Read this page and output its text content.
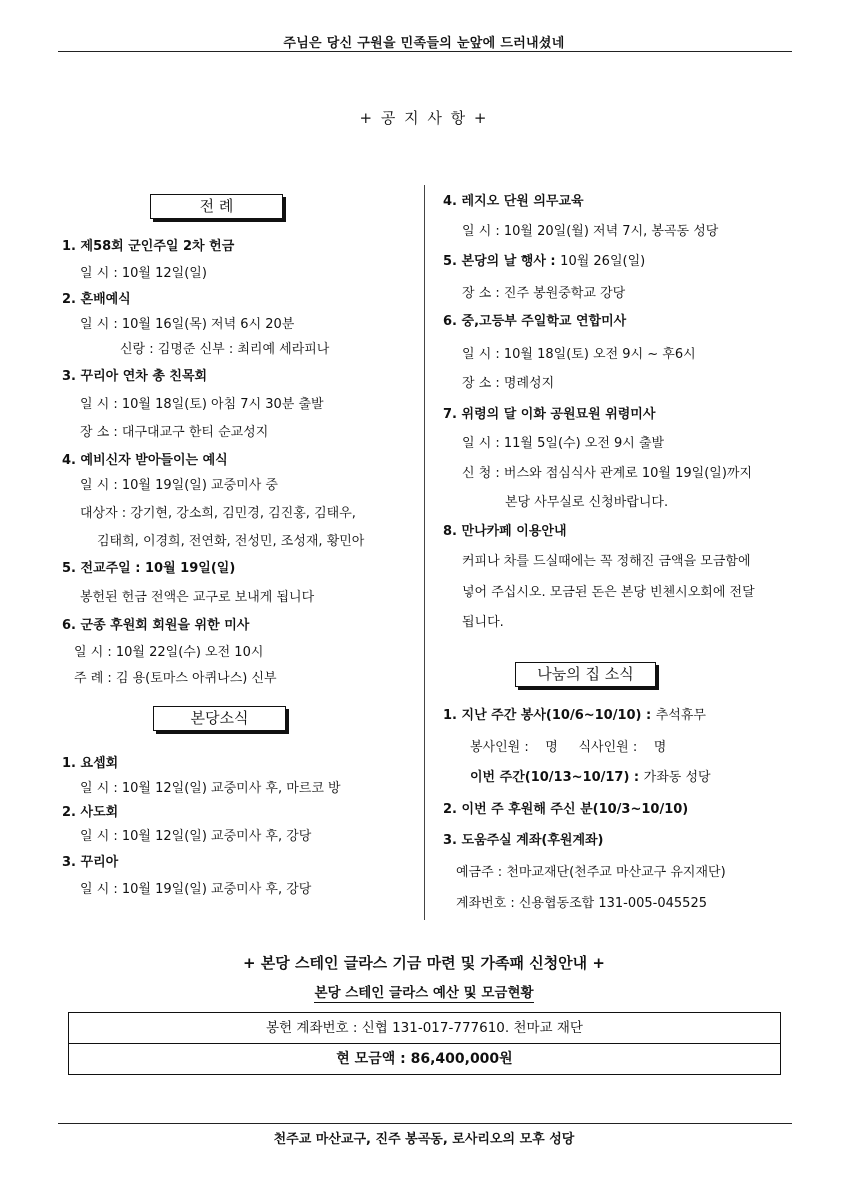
주님은 당신 구원을 민족들의 눈앞에 드러내셨네
+ 공 지 사 항 +
전 례
1. 제58회 군인주일 2차 헌금
일 시 : 10월 12일(일)
2. 혼배예식
일 시 : 10월 16일(목) 저녁 6시 20분
신랑 : 김명준 신부 : 최리예 세라피나
3. 꾸리아 연차 총 친목회
일 시 : 10월 18일(토) 아침 7시 30분 출발
장 소 : 대구대교구 한티 순교성지
4. 예비신자 받아들이는 예식
일 시 : 10월 19일(일) 교중미사 중
대상자 : 강기현, 강소희, 김민경, 김진홍, 김태우,
김태희, 이경희, 전연화, 전성민, 조성재, 황민아
5. 전교주일 : 10월 19일(일)
봉헌된 헌금 전액은 교구로 보내게 됩니다
6. 군종 후원회 회원을 위한 미사
일 시 : 10월 22일(수) 오전 10시
주 례 : 김 용(토마스 아퀴나스) 신부
본당소식
1. 요셉회
일 시 : 10월 12일(일) 교중미사 후, 마르코 방
2. 사도회
일 시 : 10월 12일(일) 교중미사 후, 강당
3. 꾸리아
일 시 : 10월 19일(일) 교중미사 후, 강당
4. 레지오 단원 의무교육
일 시 : 10월 20일(월) 저녁 7시, 봉곡동 성당
5. 본당의 날 행사 : 10월 26일(일)
장 소 : 진주 봉원중학교 강당
6. 중,고등부 주일학교 연합미사
일 시 : 10월 18일(토) 오전 9시 ~ 후6시
장 소 : 명례성지
7. 위령의 달 이화 공원묘원 위령미사
일 시 : 11월 5일(수) 오전 9시 출발
신 청 : 버스와 점심식사 관계로 10월 19일(일)까지
본당 사무실로 신청바랍니다.
8. 만나카페 이용안내
커피나 차를 드실때에는 꼭 정해진 금액을 모금함에
넣어 주십시오. 모금된 돈은 본당 빈첸시오회에 전달
됩니다.
나눔의 집 소식
1. 지난 주간 봉사(10/6~10/10) : 추석휴무
봉사인원 :    명     식사인원 :    명
이번 주간(10/13~10/17) : 가좌동 성당
2. 이번 주 후원해 주신 분(10/3~10/10)
3. 도움주실 계좌(후원계좌)
예금주 : 천마교재단(천주교 마산교구 유지재단)
계좌번호 : 신용협동조합 131-005-045525
+ 본당 스테인 글라스 기금 마련 및 가족패 신청안내 +
본당 스테인 글라스 예산 및 모금현황
봉헌 계좌번호 : 신협 131-017-777610. 천마교 재단
현 모금액 : 86,400,000원
천주교 마산교구, 진주 봉곡동, 로사리오의 모후 성당
